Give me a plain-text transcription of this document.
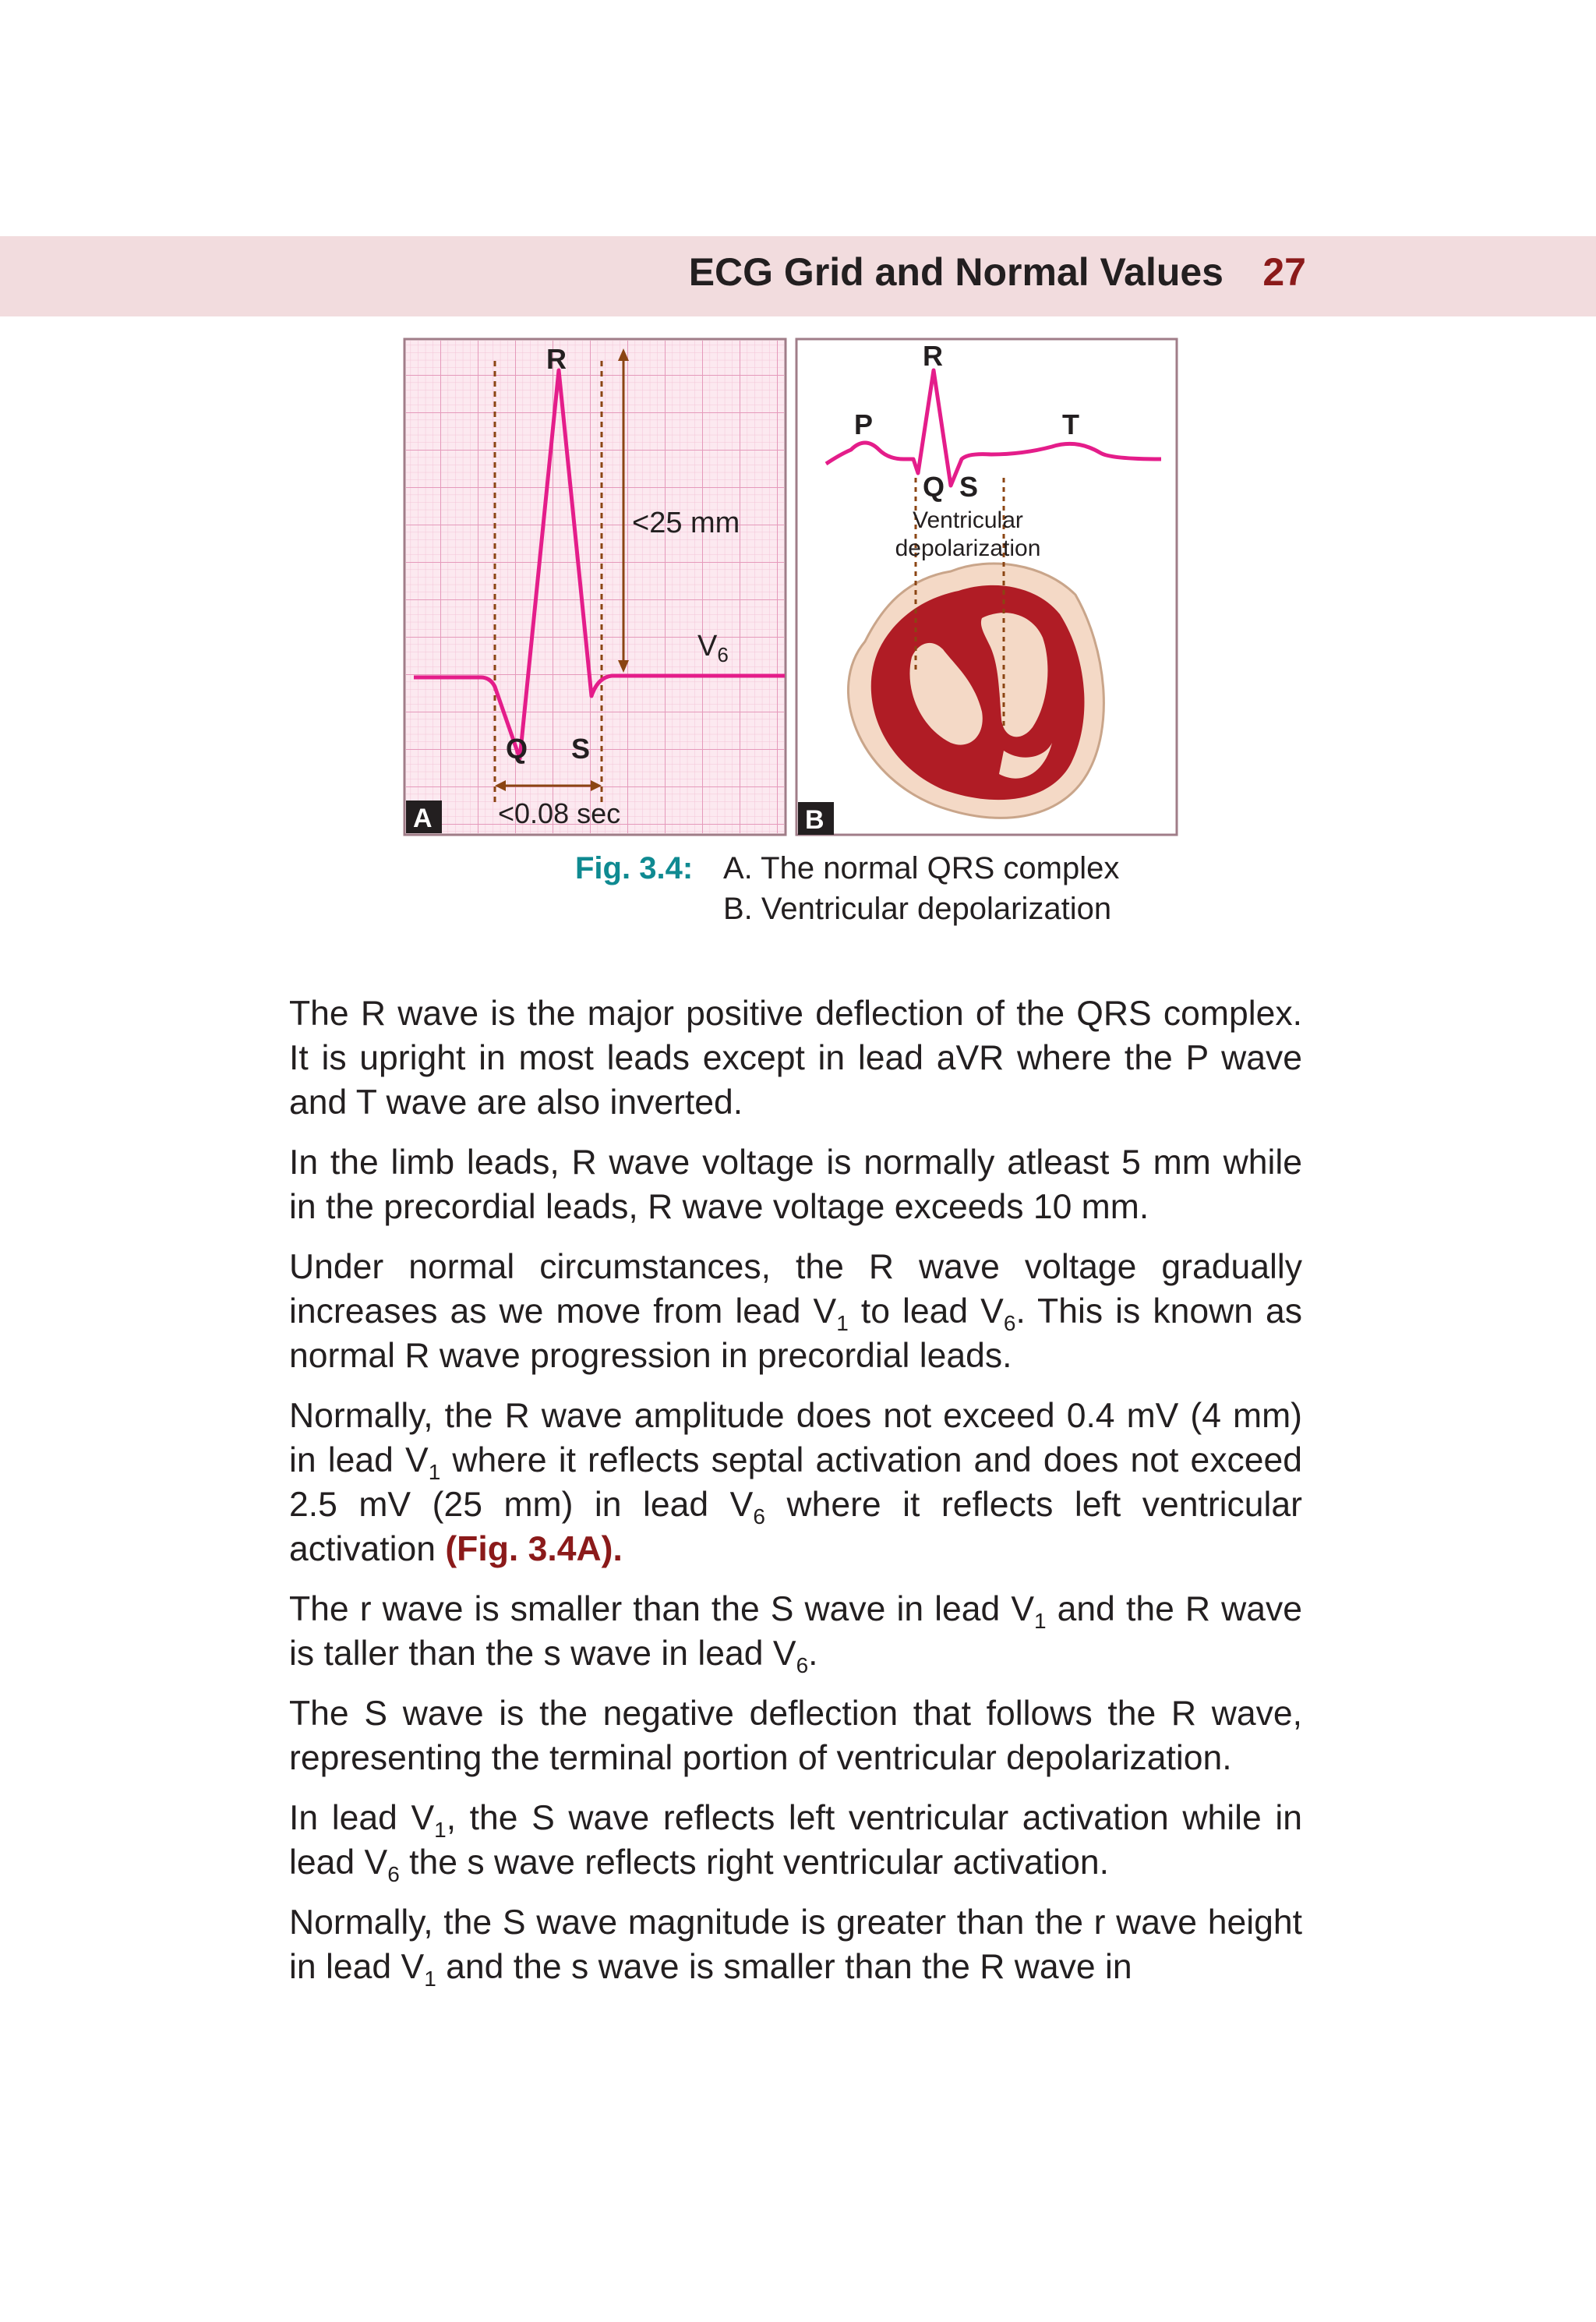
ECG Grid and Normal Values 27
R
<25 mm
$V_6$
Q S
<0.08 sec
A
R
P	T
Q S
Ventricular
depolarization
B
Fig. 3.4: A. The normal QRS complex
B. Ventricular depolarization

The R wave is the major positive deflection of the QRS complex. It is upright in most leads except in lead aVR where the P wave and T wave are also inverted.

In the limb leads, R wave voltage is normally atleast 5 mm while in the precordial leads, R wave voltage exceeds 10 mm.

Under normal circumstances, the R wave voltage gradually increases as we move from lead $V_1$ to lead $V_6$. This is known as normal R wave progression in precordial leads.

Normally, the R wave amplitude does not exceed 0.4 mV (4 mm) in lead $V_1$ where it reflects septal activation and does not exceed 2.5 mV (25 mm) in lead $V_6$ where it reflects left ventricular activation (Fig. 3.4A).

The r wave is smaller than the S wave in lead $V_1$ and the R wave is taller than the s wave in lead $V_6$.

The S wave is the negative deflection that follows the R wave, representing the terminal portion of ventricular depolarization.

In lead $V_1$, the S wave reflects left ventricular activation while in lead $V_6$ the s wave reflects right ventricular activation.

Normally, the S wave magnitude is greater than the r wave height in lead $V_1$ and the s wave is smaller than the R wave in
